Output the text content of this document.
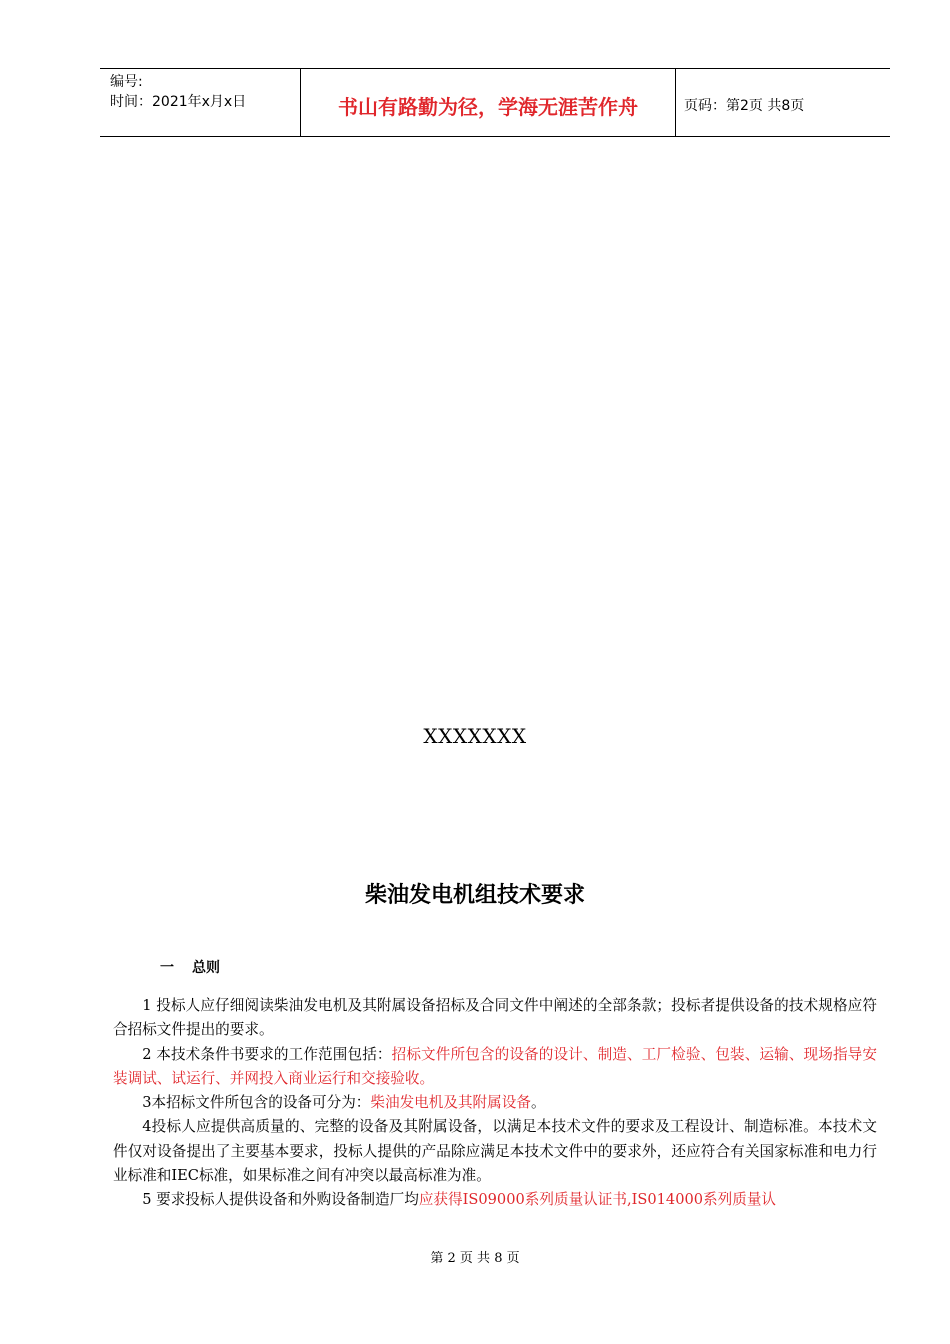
编号:
时间：2021年x月x日	书山有路勤为径，学海无涯苦作舟	页码：第2页 共8页
XXXXXXX
柴油发电机组技术要求
一 总则

1 投标人应仔细阅读柴油发电机及其附属设备招标及合同文件中阐述的全部条款；投标者提供设备的技术规格应符合招标文件提出的要求。

2 本技术条件书要求的工作范围包括：招标文件所包含的设备的设计、制造、工厂检验、包装、运输、现场指导安装调试、试运行、并网投入商业运行和交接验收。

3本招标文件所包含的设备可分为：柴油发电机及其附属设备。

4投标人应提供高质量的、完整的设备及其附属设备，以满足本技术文件的要求及工程设计、制造标准。本技术文件仅对设备提出了主要基本要求，投标人提供的产品除应满足本技术文件中的要求外，还应符合有关国家标准和电力行业标准和IEC标准，如果标准之间有冲突以最高标准为准。

5 要求投标人提供设备和外购设备制造厂均应获得IS09000系列质量认证书,IS014000系列质量认

第 2 页 共 8 页
